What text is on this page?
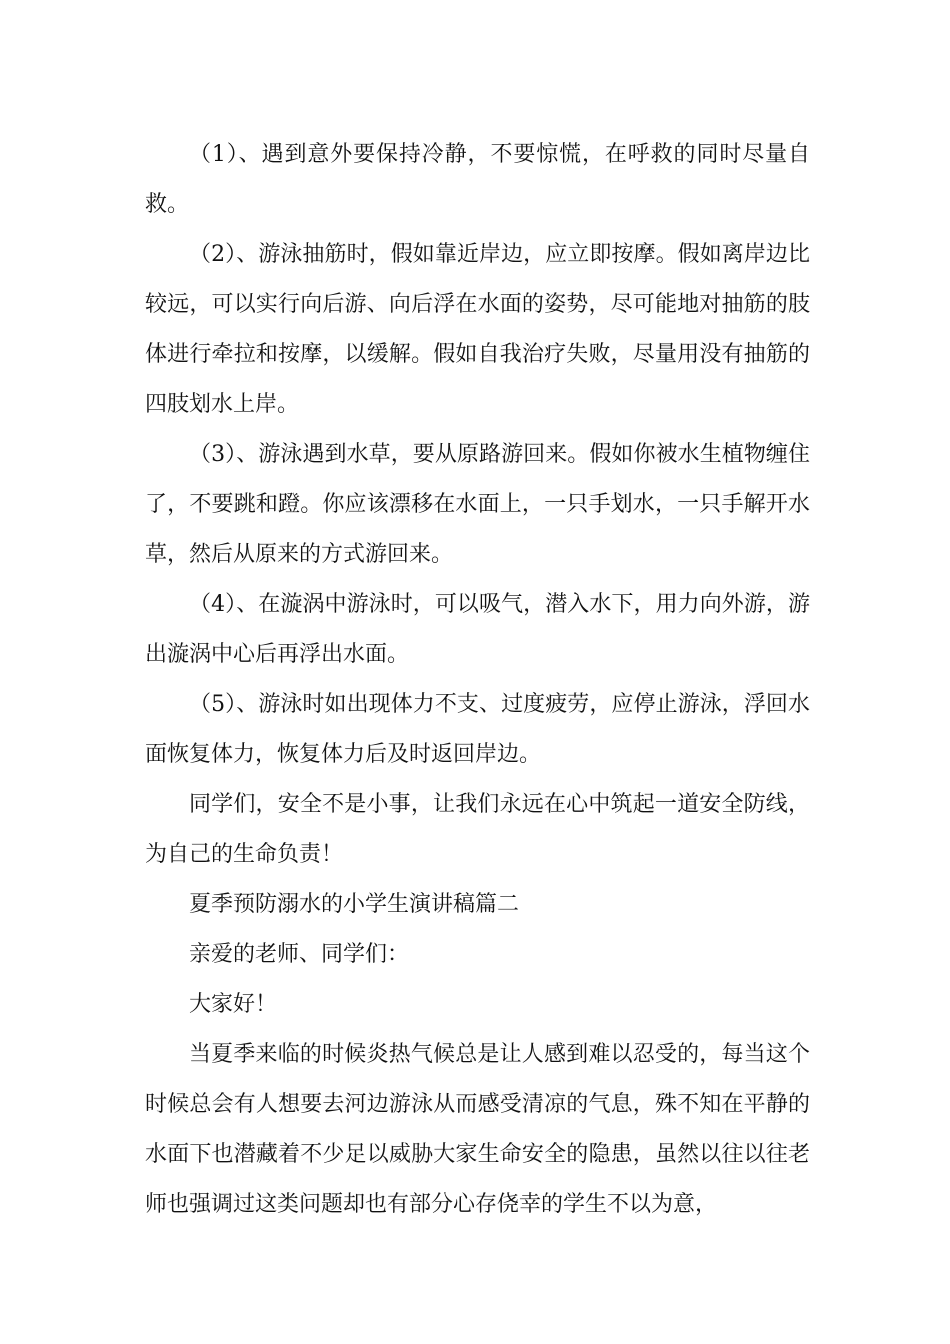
（1）、遇到意外要保持冷静，不要惊慌，在呼救的同时尽量自救。

（2）、游泳抽筋时，假如靠近岸边，应立即按摩。假如离岸边比较远，可以实行向后游、向后浮在水面的姿势，尽可能地对抽筋的肢体进行牵拉和按摩，以缓解。假如自我治疗失败，尽量用没有抽筋的四肢划水上岸。

（3）、游泳遇到水草，要从原路游回来。假如你被水生植物缠住了，不要跳和蹬。你应该漂移在水面上，一只手划水，一只手解开水草，然后从原来的方式游回来。

（4）、在漩涡中游泳时，可以吸气，潜入水下，用力向外游，游出漩涡中心后再浮出水面。

（5）、游泳时如出现体力不支、过度疲劳，应停止游泳，浮回水面恢复体力，恢复体力后及时返回岸边。

同学们，安全不是小事，让我们永远在心中筑起一道安全防线，为自己的生命负责！

夏季预防溺水的小学生演讲稿篇二

亲爱的老师、同学们：

大家好！

当夏季来临的时候炎热气候总是让人感到难以忍受的，每当这个时候总会有人想要去河边游泳从而感受清凉的气息，殊不知在平静的水面下也潜藏着不少足以威胁大家生命安全的隐患，虽然以往以往老师也强调过这类问题却也有部分心存侥幸的学生不以为意，
